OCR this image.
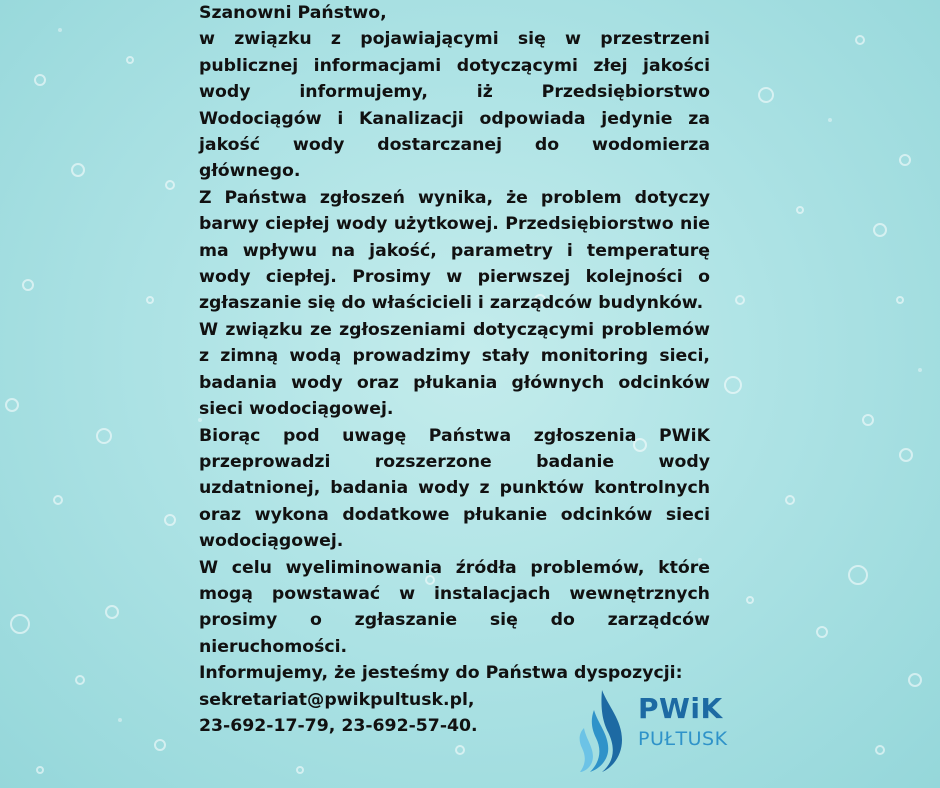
Szanowni Państwo,

w związku z pojawiającymi się w przestrzeni publicznej informacjami dotyczącymi złej jakości wody informujemy, iż Przedsiębiorstwo Wodociągów i Kanalizacji odpowiada jedynie za jakość wody dostarczanej do wodomierza głównego.

Z Państwa zgłoszeń wynika, że problem dotyczy barwy ciepłej wody użytkowej. Przedsiębiorstwo nie ma wpływu na jakość, parametry i temperaturę wody ciepłej. Prosimy w pierwszej kolejności o zgłaszanie się do właścicieli i zarządców budynków.

W związku ze zgłoszeniami dotyczącymi problemów z zimną wodą prowadzimy stały monitoring sieci, badania wody oraz płukania głównych odcinków sieci wodociągowej.

Biorąc pod uwagę Państwa zgłoszenia PWiK przeprowadzi rozszerzone badanie wody uzdatnionej, badania wody z punktów kontrolnych oraz wykona dodatkowe płukanie odcinków sieci wodociągowej.

W celu wyeliminowania źródła problemów, które mogą powstawać w instalacjach wewnętrznych prosimy o zgłaszanie się do zarządców nieruchomości.

Informujemy, że jesteśmy do Państwa dyspozycji:

sekretariat@pwikpultusk.pl,

23-692-17-79, 23-692-57-40.

PWiK
PUŁTUSK
